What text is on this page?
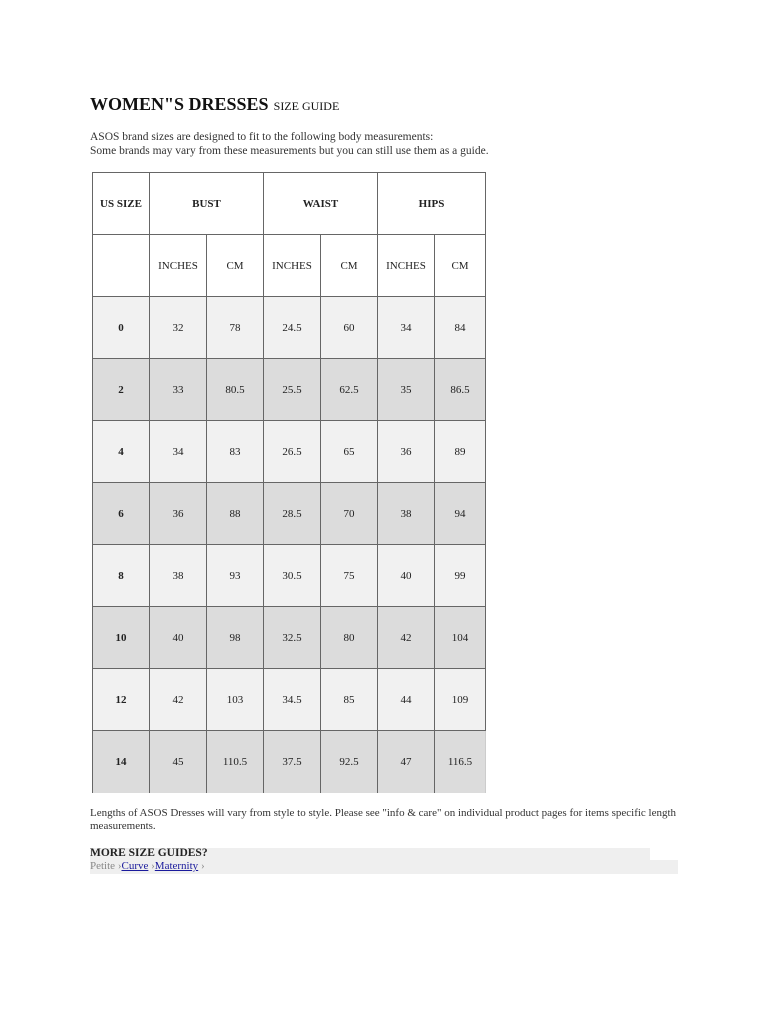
WOMEN"S DRESSES SIZE GUIDE
ASOS brand sizes are designed to fit to the following body measurements:
Some brands may vary from these measurements but you can still use them as a guide.
US SIZE	BUST		WAIST		HIPS	
	INCHES	CM	INCHES	CM	INCHES	CM
0	32	78	24.5	60	34	84
2	33	80.5	25.5	62.5	35	86.5
4	34	83	26.5	65	36	89
6	36	88	28.5	70	38	94
8	38	93	30.5	75	40	99
10	40	98	32.5	80	42	104
12	42	103	34.5	85	44	109
14	45	110.5	37.5	92.5	47	116.5
Lengths of ASOS Dresses will vary from style to style. Please see "info & care" on individual product pages for items specific length measurements.
MORE SIZE GUIDES?
Petite ›Curve ›Maternity ›
